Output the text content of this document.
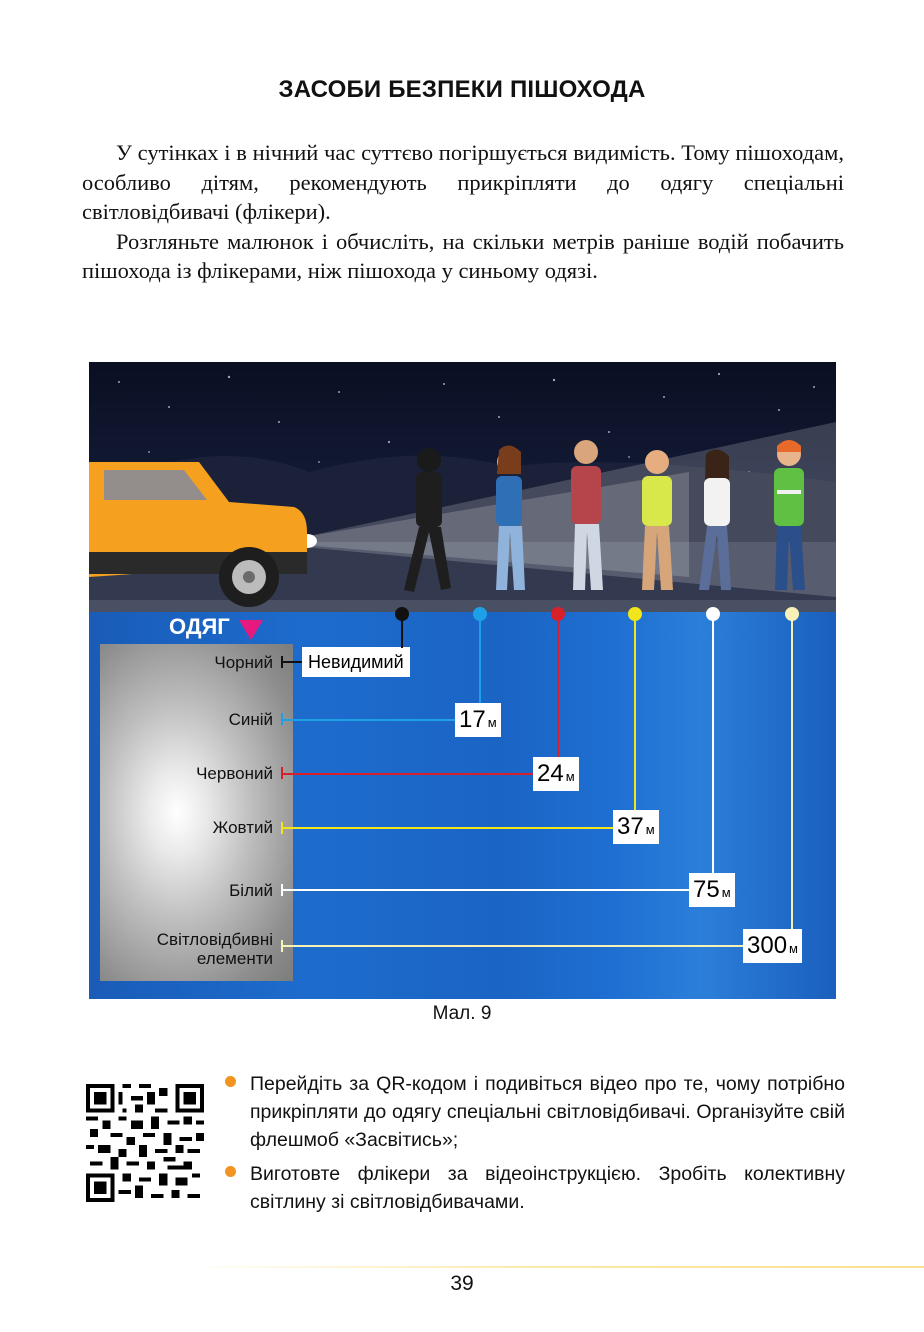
ЗАСОБИ БЕЗПЕКИ ПІШОХОДА

У сутінках і в нічний час суттєво погіршується видимість. Тому пішоходам, особливо дітям, рекомендують прикріпляти до одягу спеціальні світловідбивачі (флікери).

Розгляньте малюнок і обчисліть, на скільки метрів раніше водій побачить пішохода із флікерами, ніж пішохода у синьому одязі.

ОДЯГ
Чорний
Синій
Червоний
Жовтий
Білий
Світловідбивні елементи
Невидимий
17 м
24 м
37 м
75 м
300 м
Мал. 9
Перейдіть за QR-кодом і подивіться відео про те, чому потрібно прикріпляти до одягу спеціальні світловідбивачі. Організуйте свій флешмоб «Засвітись»;
Виготовте флікери за відеоінструкцією. Зробіть колективну світлину зі світловідбивачами.
39
